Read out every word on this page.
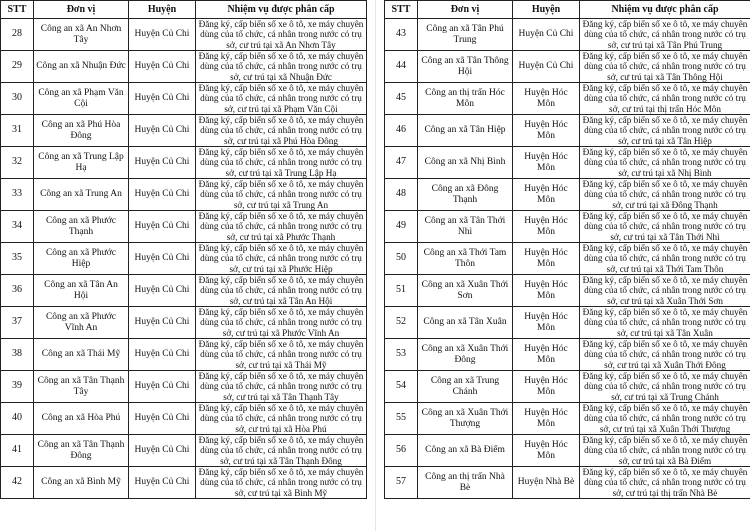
STT	Đơn vị	Huyện	Nhiệm vụ được phân cấp
28	Công an xã An Nhơn Tây	Huyện Củ Chi	Đăng ký, cấp biển số xe ô tô, xe máy chuyên dùng của tổ chức, cá nhân trong nước có trụ sở, cư trú tại xã An Nhơn Tây
29	Công an xã Nhuận Đức	Huyện Củ Chi	Đăng ký, cấp biển số xe ô tô, xe máy chuyên dùng của tổ chức, cá nhân trong nước có trụ sở, cư trú tại xã Nhuận Đức
30	Công an xã Phạm Văn Cội	Huyện Củ Chi	Đăng ký, cấp biển số xe ô tô, xe máy chuyên dùng của tổ chức, cá nhân trong nước có trụ sở, cư trú tại xã Phạm Văn Cội
31	Công an xã Phú Hòa Đông	Huyện Củ Chi	Đăng ký, cấp biển số xe ô tô, xe máy chuyên dùng của tổ chức, cá nhân trong nước có trụ sở, cư trú tại xã Phú Hòa Đông
32	Công an xã Trung Lập Hạ	Huyện Củ Chi	Đăng ký, cấp biển số xe ô tô, xe máy chuyên dùng của tổ chức, cá nhân trong nước có trụ sở, cư trú tại xã Trung Lập Hạ
33	Công an xã Trung An	Huyện Củ Chi	Đăng ký, cấp biển số xe ô tô, xe máy chuyên dùng của tổ chức, cá nhân trong nước có trụ sở, cư trú tại xã Trung An
34	Công an xã Phước Thạnh	Huyện Củ Chi	Đăng ký, cấp biển số xe ô tô, xe máy chuyên dùng của tổ chức, cá nhân trong nước có trụ sở, cư trú tại xã Phước Thạnh
35	Công an xã Phước Hiệp	Huyện Củ Chi	Đăng ký, cấp biển số xe ô tô, xe máy chuyên dùng của tổ chức, cá nhân trong nước có trụ sở, cư trú tại xã Phước Hiệp
36	Công an xã Tân An Hội	Huyện Củ Chi	Đăng ký, cấp biển số xe ô tô, xe máy chuyên dùng của tổ chức, cá nhân trong nước có trụ sở, cư trú tại xã Tân An Hội
37	Công an xã Phước Vĩnh An	Huyện Củ Chi	Đăng ký, cấp biển số xe ô tô, xe máy chuyên dùng của tổ chức, cá nhân trong nước có trụ sở, cư trú tại xã Phước Vĩnh An
38	Công an xã Thái Mỹ	Huyện Củ Chi	Đăng ký, cấp biển số xe ô tô, xe máy chuyên dùng của tổ chức, cá nhân trong nước có trụ sở, cư trú tại xã Thái Mỹ
39	Công an xã Tân Thạnh Tây	Huyện Củ Chi	Đăng ký, cấp biển số xe ô tô, xe máy chuyên dùng của tổ chức, cá nhân trong nước có trụ sở, cư trú tại xã Tân Thạnh Tây
40	Công an xã Hòa Phú	Huyện Củ Chi	Đăng ký, cấp biển số xe ô tô, xe máy chuyên dùng của tổ chức, cá nhân trong nước có trụ sở, cư trú tại xã Hòa Phú
41	Công an xã Tân Thạnh Đông	Huyện Củ Chi	Đăng ký, cấp biển số xe ô tô, xe máy chuyên dùng của tổ chức, cá nhân trong nước có trụ sở, cư trú tại xã Tân Thạnh Đông
42	Công an xã Bình Mỹ	Huyện Củ Chi	Đăng ký, cấp biển số xe ô tô, xe máy chuyên dùng của tổ chức, cá nhân trong nước có trụ sở, cư trú tại xã Bình Mỹ
STT	Đơn vị	Huyện	Nhiệm vụ được phân cấp
43	Công an xã Tân Phú Trung	Huyện Củ Chi	Đăng ký, cấp biển số xe ô tô, xe máy chuyên dùng của tổ chức, cá nhân trong nước có trụ sở, cư trú tại xã Tân Phú Trung
44	Công an xã Tân Thông Hội	Huyện Củ Chi	Đăng ký, cấp biển số xe ô tô, xe máy chuyên dùng của tổ chức, cá nhân trong nước có trụ sở, cư trú tại xã Tân Thông Hội
45	Công an thị trấn Hóc Môn	Huyện Hóc Môn	Đăng ký, cấp biển số xe ô tô, xe máy chuyên dùng của tổ chức, cá nhân trong nước có trụ sở, cư trú tại thị trấn Hóc Môn
46	Công an xã Tân Hiệp	Huyện Hóc Môn	Đăng ký, cấp biển số xe ô tô, xe máy chuyên dùng của tổ chức, cá nhân trong nước có trụ sở, cư trú tại xã Tân Hiệp
47	Công an xã Nhị Bình	Huyện Hóc Môn	Đăng ký, cấp biển số xe ô tô, xe máy chuyên dùng của tổ chức, cá nhân trong nước có trụ sở, cư trú tại xã Nhị Bình
48	Công an xã Đông Thạnh	Huyện Hóc Môn	Đăng ký, cấp biển số xe ô tô, xe máy chuyên dùng của tổ chức, cá nhân trong nước có trụ sở, cư trú tại xã Đông Thạnh
49	Công an xã Tân Thới Nhì	Huyện Hóc Môn	Đăng ký, cấp biển số xe ô tô, xe máy chuyên dùng của tổ chức, cá nhân trong nước có trụ sở, cư trú tại xã Tân Thới Nhì
50	Công an xã Thới Tam Thôn	Huyện Hóc Môn	Đăng ký, cấp biển số xe ô tô, xe máy chuyên dùng của tổ chức, cá nhân trong nước có trụ sở, cư trú tại xã Thới Tam Thôn
51	Công an xã Xuân Thới Sơn	Huyện Hóc Môn	Đăng ký, cấp biển số xe ô tô, xe máy chuyên dùng của tổ chức, cá nhân trong nước có trụ sở, cư trú tại xã Xuân Thới Sơn
52	Công an xã Tân Xuân	Huyện Hóc Môn	Đăng ký, cấp biển số xe ô tô, xe máy chuyên dùng của tổ chức, cá nhân trong nước có trụ sở, cư trú tại xã Tân Xuân
53	Công an xã Xuân Thới Đông	Huyện Hóc Môn	Đăng ký, cấp biển số xe ô tô, xe máy chuyên dùng của tổ chức, cá nhân trong nước có trụ sở, cư trú tại xã Xuân Thới Đông
54	Công an xã Trung Chánh	Huyện Hóc Môn	Đăng ký, cấp biển số xe ô tô, xe máy chuyên dùng của tổ chức, cá nhân trong nước có trụ sở, cư trú tại xã Trung Chánh
55	Công an xã Xuân Thới Thượng	Huyện Hóc Môn	Đăng ký, cấp biển số xe ô tô, xe máy chuyên dùng của tổ chức, cá nhân trong nước có trụ sở, cư trú tại xã Xuân Thới Thượng
56	Công an xã Bà Điểm	Huyện Hóc Môn	Đăng ký, cấp biển số xe ô tô, xe máy chuyên dùng của tổ chức, cá nhân trong nước có trụ sở, cư trú tại xã Bà Điểm
57	Công an thị trấn Nhà Bè	Huyện Nhà Bè	Đăng ký, cấp biển số xe ô tô, xe máy chuyên dùng của tổ chức, cá nhân trong nước có trụ sở, cư trú tại thị trấn Nhà Bè
